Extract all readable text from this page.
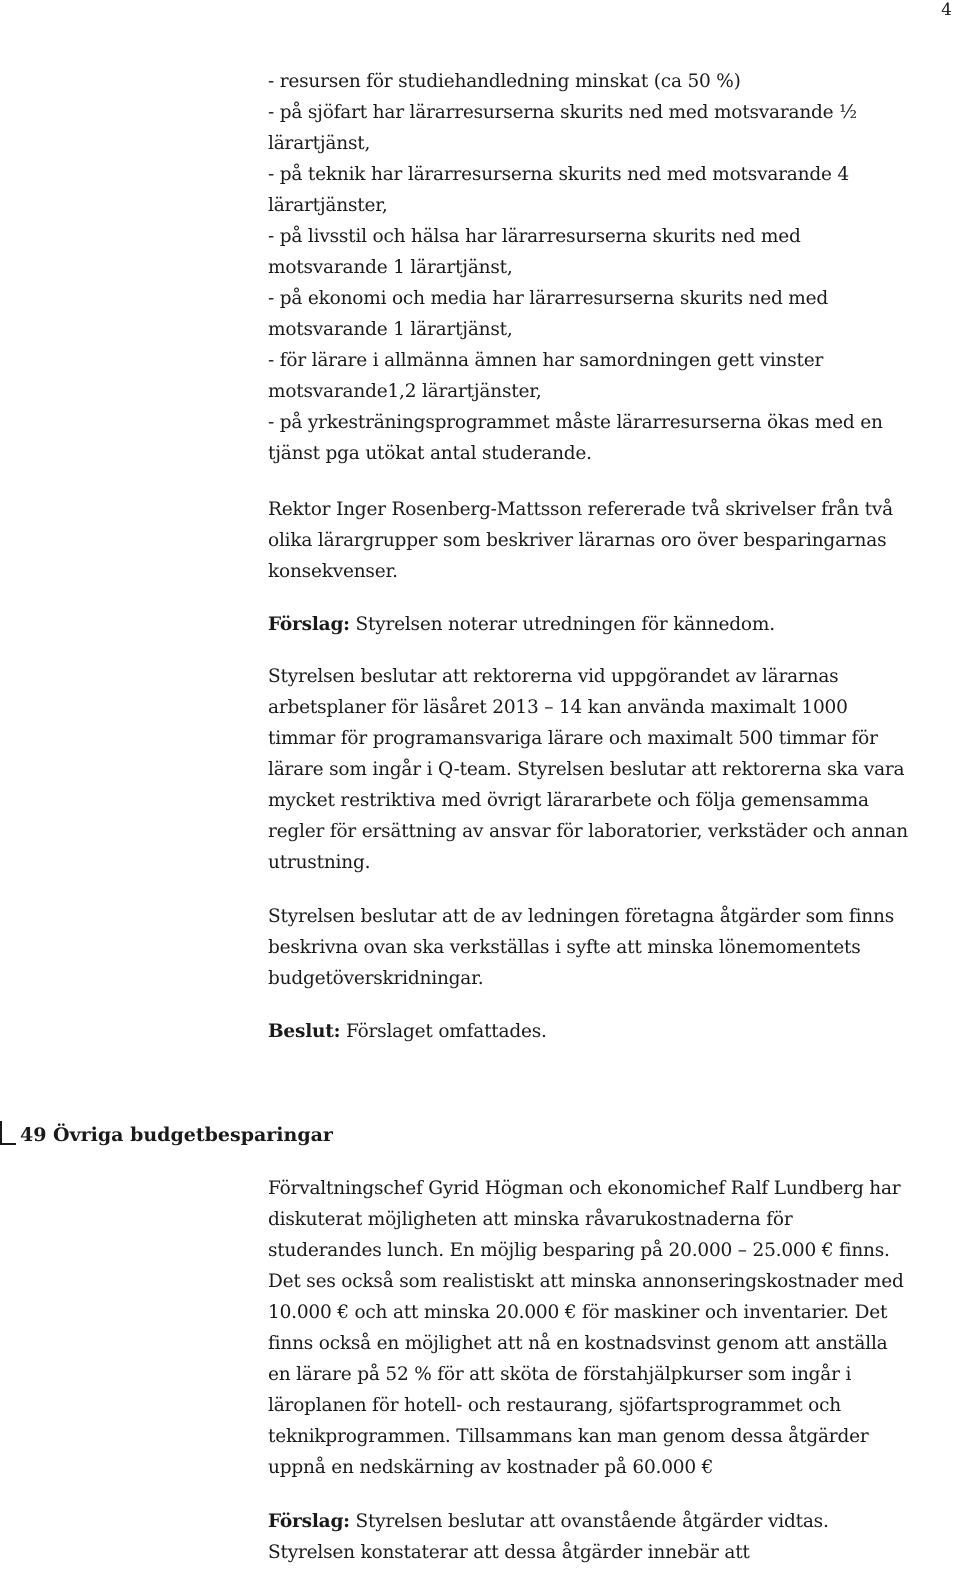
4
- resursen för studiehandledning minskat (ca 50 %)
- på sjöfart har lärarresurserna skurits ned med motsvarande ½
lärartjänst,
- på teknik har lärarresurserna skurits ned med motsvarande 4
lärartjänster,
- på livsstil och hälsa har lärarresurserna skurits ned med
motsvarande 1 lärartjänst,
- på ekonomi och media har lärarresurserna skurits ned med
motsvarande 1 lärartjänst,
- för lärare i allmänna ämnen har samordningen gett vinster
motsvarande1,2 lärartjänster,
- på yrkesträningsprogrammet måste lärarresurserna ökas med en
tjänst pga utökat antal studerande.
Rektor Inger Rosenberg-Mattsson refererade två skrivelser från två
olika lärargrupper som beskriver lärarnas oro över besparingarnas
konsekvenser.
Förslag: Styrelsen noterar utredningen för kännedom.
Styrelsen beslutar att rektorerna vid uppgörandet av lärarnas
arbetsplaner för läsåret 2013 – 14 kan använda maximalt 1000
timmar för programansvariga lärare och maximalt 500 timmar för
lärare som ingår i Q-team. Styrelsen beslutar att rektorerna ska vara
mycket restriktiva med övrigt lärararbete och följa gemensamma
regler för ersättning av ansvar för laboratorier, verkstäder och annan
utrustning.
Styrelsen beslutar att de av ledningen företagna åtgärder som finns
beskrivna ovan ska verkställas i syfte att minska lönemomentets
budgetöverskridningar.
Beslut: Förslaget omfattades.
49 Övriga budgetbesparingar
Förvaltningschef Gyrid Högman och ekonomichef Ralf Lundberg har
diskuterat möjligheten att minska råvarukostnaderna för
studerandes lunch. En möjlig besparing på 20.000 – 25.000 € finns.
Det ses också som realistiskt att minska annonseringskostnader med
10.000 € och att minska 20.000 € för maskiner och inventarier. Det
finns också en möjlighet att nå en kostnadsvinst genom att anställa
en lärare på 52 % för att sköta de förstahjälpkurser som ingår i
läroplanen för hotell- och restaurang, sjöfartsprogrammet och
teknikprogrammen. Tillsammans kan man genom dessa åtgärder
uppnå en nedskärning av kostnader på 60.000 €
Förslag: Styrelsen beslutar att ovanstående åtgärder vidtas.
Styrelsen konstaterar att dessa åtgärder innebär att
